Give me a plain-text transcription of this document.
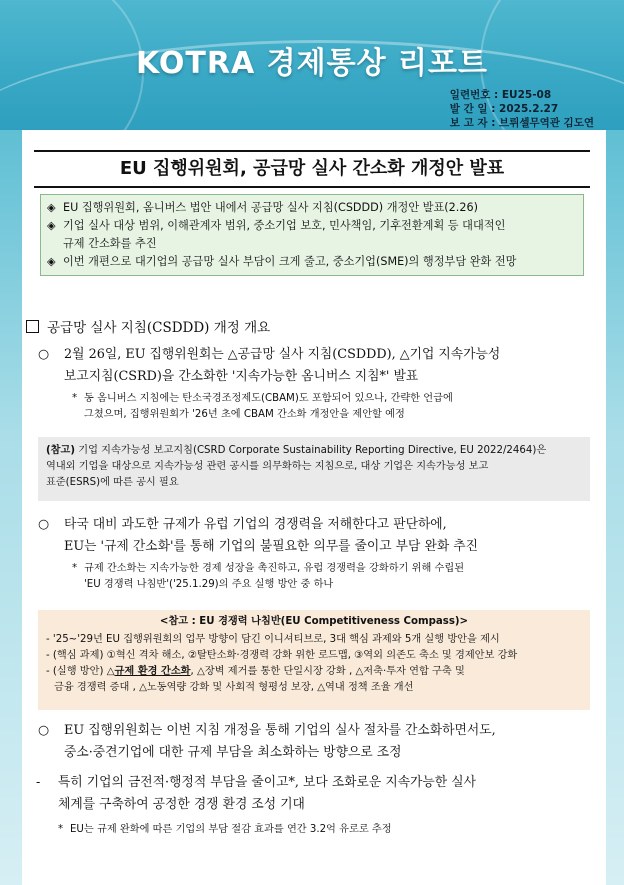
KOTRA 경제통상 리포트
일련번호 : EU25-08
발 간 일 : 2025.2.27
보 고 자 : 브뤼셀무역관 김도연
EU 집행위원회, 공급망 실사 간소화 개정안 발표
◈ EU 집행위원회, 옴니버스 법안 내에서 공급망 실사 지침(CSDDD) 개정안 발표(2.26)
◈ 기업 실사 대상 범위, 이해관계자 범위, 중소기업 보호, 민사책임, 기후전환계획 등 대대적인
규제 간소화를 추진
◈ 이번 개편으로 대기업의 공급망 실사 부담이 크게 줄고, 중소기업(SME)의 행정부담 완화 전망
공급망 실사 지침(CSDDD) 개정 개요
○ 2월 26일, EU 집행위원회는 △공급망 실사 지침(CSDDD), △기업 지속가능성
보고지침(CSRD)을 간소화한 '지속가능한 옴니버스 지침*' 발표
* 동 옴니버스 지침에는 탄소국경조정제도(CBAM)도 포함되어 있으나, 간략한 언급에
그쳤으며, 집행위원회가 '26년 초에 CBAM 간소화 개정안을 제안할 예정
(참고) 기업 지속가능성 보고지침(CSRD Corporate Sustainability Reporting Directive, EU 2022/2464)은
역내외 기업을 대상으로 지속가능성 관련 공시를 의무화하는 지침으로, 대상 기업은 지속가능성 보고
표준(ESRS)에 따른 공시 필요
○ 타국 대비 과도한 규제가 유럽 기업의 경쟁력을 저해한다고 판단하에,
EU는 '규제 간소화'를 통해 기업의 불필요한 의무를 줄이고 부담 완화 추진
* 규제 간소화는 지속가능한 경제 성장을 촉진하고, 유럽 경쟁력을 강화하기 위해 수립된
'EU 경쟁력 나침반'('25.1.29)의 주요 실행 방안 중 하나
<참고 : EU 경쟁력 나침반(EU Competitiveness Compass)>
- '25~'29년 EU 집행위원회의 업무 방향이 담긴 이니셔티브로, 3대 핵심 과제와 5개 실행 방안을 제시
- (핵심 과제) ①혁신 격차 해소, ②탈탄소화·경쟁력 강화 위한 로드맵, ③역외 의존도 축소 및 경제안보 강화
- (실행 방안) △규제 환경 간소화, △장벽 제거를 통한 단일시장 강화 , △저축·투자 연합 구축 및
금융 경쟁력 증대 , △노동역량 강화 및 사회적 형평성 보장, △역내 정책 조율 개선
○ EU 집행위원회는 이번 지침 개정을 통해 기업의 실사 절차를 간소화하면서도,
중소·중견기업에 대한 규제 부담을 최소화하는 방향으로 조정
- 특히 기업의 금전적·행정적 부담을 줄이고*, 보다 조화로운 지속가능한 실사
체계를 구축하여 공정한 경쟁 환경 조성 기대
* EU는 규제 완화에 따른 기업의 부담 절감 효과를 연간 3.2억 유로로 추정
